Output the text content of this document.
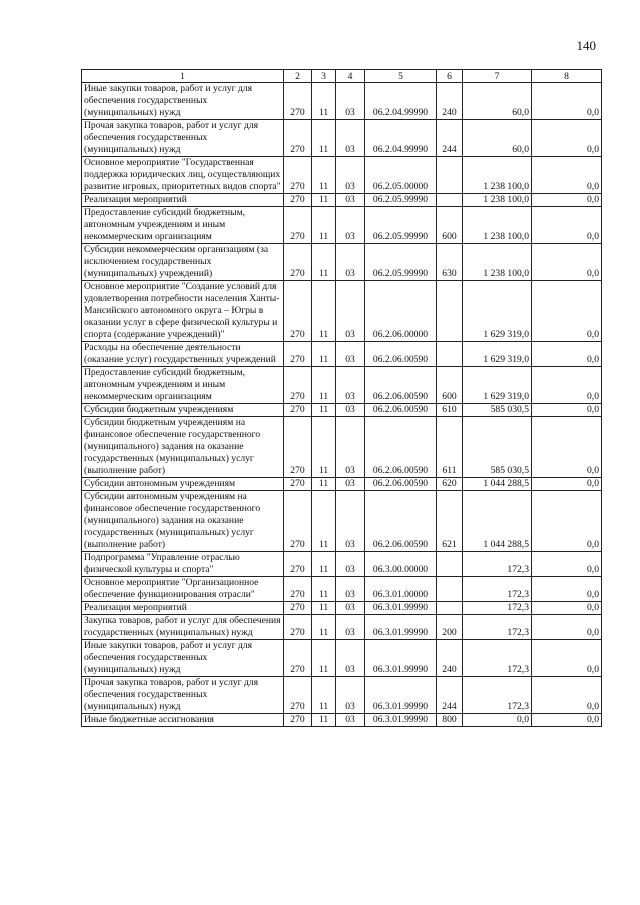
140
1	2	3	4	5	6	7	8
Иные закупки товаров, работ и услуг для обеспечения государственных (муниципальных) нужд	270	11	03	06.2.04.99990	240	60,0	0,0
Прочая закупка товаров, работ и услуг для обеспечения государственных (муниципальных) нужд	270	11	03	06.2.04.99990	244	60,0	0,0
Основное мероприятие "Государственная поддержка юридических лиц, осуществляющих развитие игровых, приоритетных видов спорта"	270	11	03	06.2.05.00000		1 238 100,0	0,0
Реализация мероприятий	270	11	03	06.2.05.99990		1 238 100,0	0,0
Предоставление субсидий бюджетным, автономным учреждениям и иным некоммерческим организациям	270	11	03	06.2.05.99990	600	1 238 100,0	0,0
Субсидии некоммерческим организациям (за исключением государственных (муниципальных) учреждений)	270	11	03	06.2.05.99990	630	1 238 100,0	0,0
Основное мероприятие "Создание условий для удовлетворения потребности населения Ханты-Мансийского автономного округа – Югры в оказании услуг в сфере физической культуры и спорта (содержание учреждений)"	270	11	03	06.2.06.00000		1 629 319,0	0,0
Расходы на обеспечение деятельности (оказание услуг) государственных учреждений	270	11	03	06.2.06.00590		1 629 319,0	0,0
Предоставление субсидий бюджетным, автономным учреждениям и иным некоммерческим организациям	270	11	03	06.2.06.00590	600	1 629 319,0	0,0
Субсидии бюджетным учреждениям	270	11	03	06.2.06.00590	610	585 030,5	0,0
Субсидии бюджетным учреждениям на финансовое обеспечение государственного (муниципального) задания на оказание государственных (муниципальных) услуг (выполнение работ)	270	11	03	06.2.06.00590	611	585 030,5	0,0
Субсидии автономным учреждениям	270	11	03	06.2.06.00590	620	1 044 288,5	0,0
Субсидии автономным учреждениям на финансовое обеспечение государственного (муниципального) задания на оказание государственных (муниципальных) услуг (выполнение работ)	270	11	03	06.2.06.00590	621	1 044 288,5	0,0
Подпрограмма "Управление отраслью физической культуры и спорта"	270	11	03	06.3.00.00000		172,3	0,0
Основное мероприятие "Организационное обеспечение функционирования отрасли"	270	11	03	06.3.01.00000		172,3	0,0
Реализация мероприятий	270	11	03	06.3.01.99990		172,3	0,0
Закупка товаров, работ и услуг для обеспечения государственных (муниципальных) нужд	270	11	03	06.3.01.99990	200	172,3	0,0
Иные закупки товаров, работ и услуг для обеспечения государственных (муниципальных) нужд	270	11	03	06.3.01.99990	240	172,3	0,0
Прочая закупка товаров, работ и услуг для обеспечения государственных (муниципальных) нужд	270	11	03	06.3.01.99990	244	172,3	0,0
Иные бюджетные ассигнования	270	11	03	06.3.01.99990	800	0,0	0,0
